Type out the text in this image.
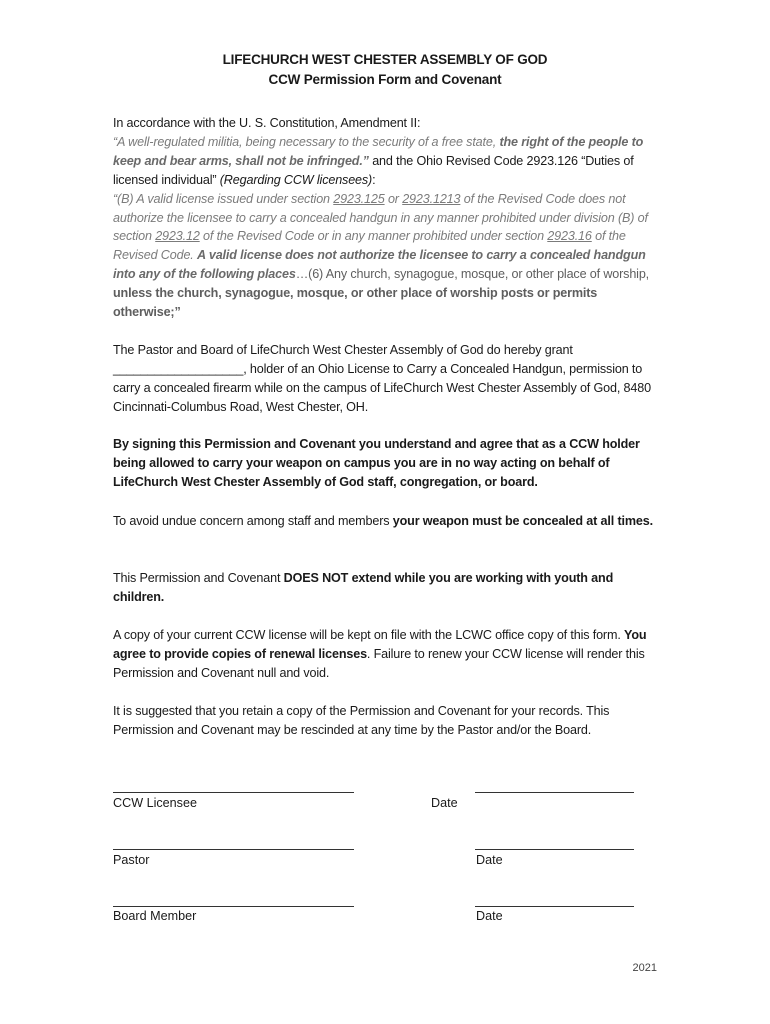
LIFECHURCH WEST CHESTER ASSEMBLY OF GOD
CCW Permission Form and Covenant
In accordance with the U. S. Constitution, Amendment II:
“A well-regulated militia, being necessary to the security of a free state, the right of the people to keep and bear arms, shall not be infringed.” and the Ohio Revised Code 2923.126 “Duties of licensed individual” (Regarding CCW licensees):
“(B) A valid license issued under section 2923.125 or 2923.1213 of the Revised Code does not authorize the licensee to carry a concealed handgun in any manner prohibited under division (B) of section 2923.12 of the Revised Code or in any manner prohibited under section 2923.16 of the Revised Code. A valid license does not authorize the licensee to carry a concealed handgun into any of the following places…(6) Any church, synagogue, mosque, or other place of worship, unless the church, synagogue, mosque, or other place of worship posts or permits otherwise;”
The Pastor and Board of LifeChurch West Chester Assembly of God do hereby grant ___________________, holder of an Ohio License to Carry a Concealed Handgun, permission to carry a concealed firearm while on the campus of LifeChurch West Chester Assembly of God, 8480 Cincinnati-Columbus Road, West Chester, OH.
By signing this Permission and Covenant you understand and agree that as a CCW holder being allowed to carry your weapon on campus you are in no way acting on behalf of LifeChurch West Chester Assembly of God staff, congregation, or board.
To avoid undue concern among staff and members your weapon must be concealed at all times.
This Permission and Covenant DOES NOT extend while you are working with youth and children.
A copy of your current CCW license will be kept on file with the LCWC office copy of this form. You agree to provide copies of renewal licenses. Failure to renew your CCW license will render this Permission and Covenant null and void.
It is suggested that you retain a copy of the Permission and Covenant for your records. This Permission and Covenant may be rescinded at any time by the Pastor and/or the Board.
CCW Licensee	Date
Pastor	Date
Board Member	Date
2021
